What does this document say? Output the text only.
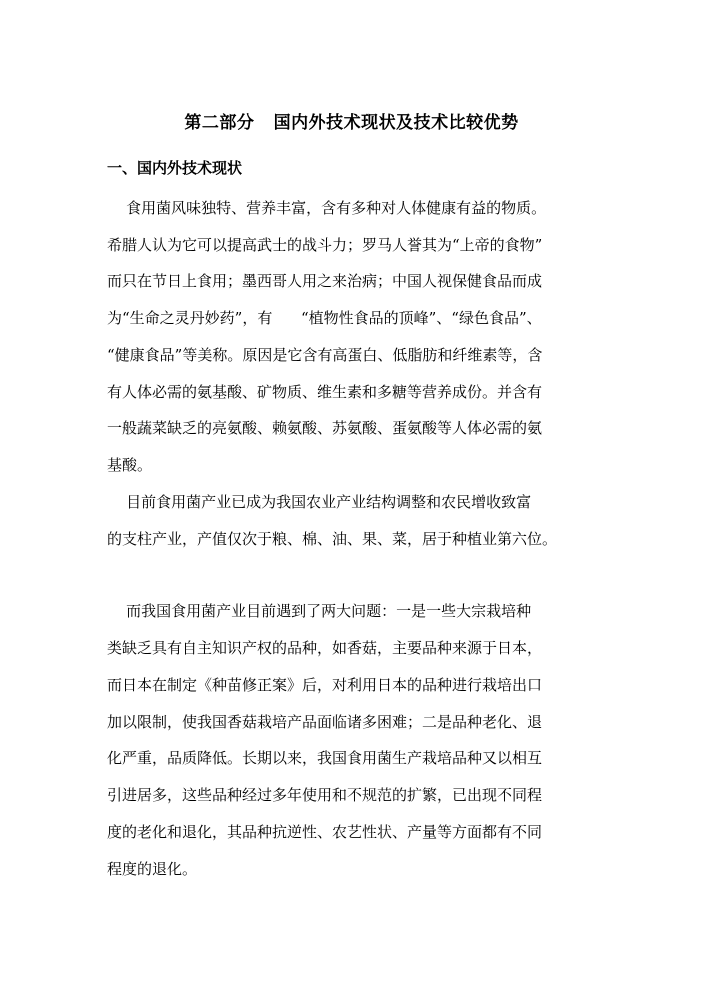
第二部分   国内外技术现状及技术比较优势
一、国内外技术现状
食用菌风味独特、营养丰富，含有多种对人体健康有益的物质。
希腊人认为它可以提高武士的战斗力；罗马人誉其为“上帝的食物”
而只在节日上食用；墨西哥人用之来治病；中国人视保健食品而成
为“生命之灵丹妙药”，有      “植物性食品的顶峰”、“绿色食品”、
“健康食品”等美称。原因是它含有高蛋白、低脂肪和纤维素等，含
有人体必需的氨基酸、矿物质、维生素和多糖等营养成份。并含有
一般蔬菜缺乏的亮氨酸、赖氨酸、苏氨酸、蛋氨酸等人体必需的氨
基酸。
目前食用菌产业已成为我国农业产业结构调整和农民增收致富
的支柱产业，产值仅次于粮、棉、油、果、菜，居于种植业第六位。
而我国食用菌产业目前遇到了两大问题：一是一些大宗栽培种
类缺乏具有自主知识产权的品种，如香菇，主要品种来源于日本，
而日本在制定《种苗修正案》后，对利用日本的品种进行栽培出口
加以限制，使我国香菇栽培产品面临诸多困难；二是品种老化、退
化严重，品质降低。长期以来，我国食用菌生产栽培品种又以相互
引进居多，这些品种经过多年使用和不规范的扩繁，已出现不同程
度的老化和退化，其品种抗逆性、农艺性状、产量等方面都有不同
程度的退化。
